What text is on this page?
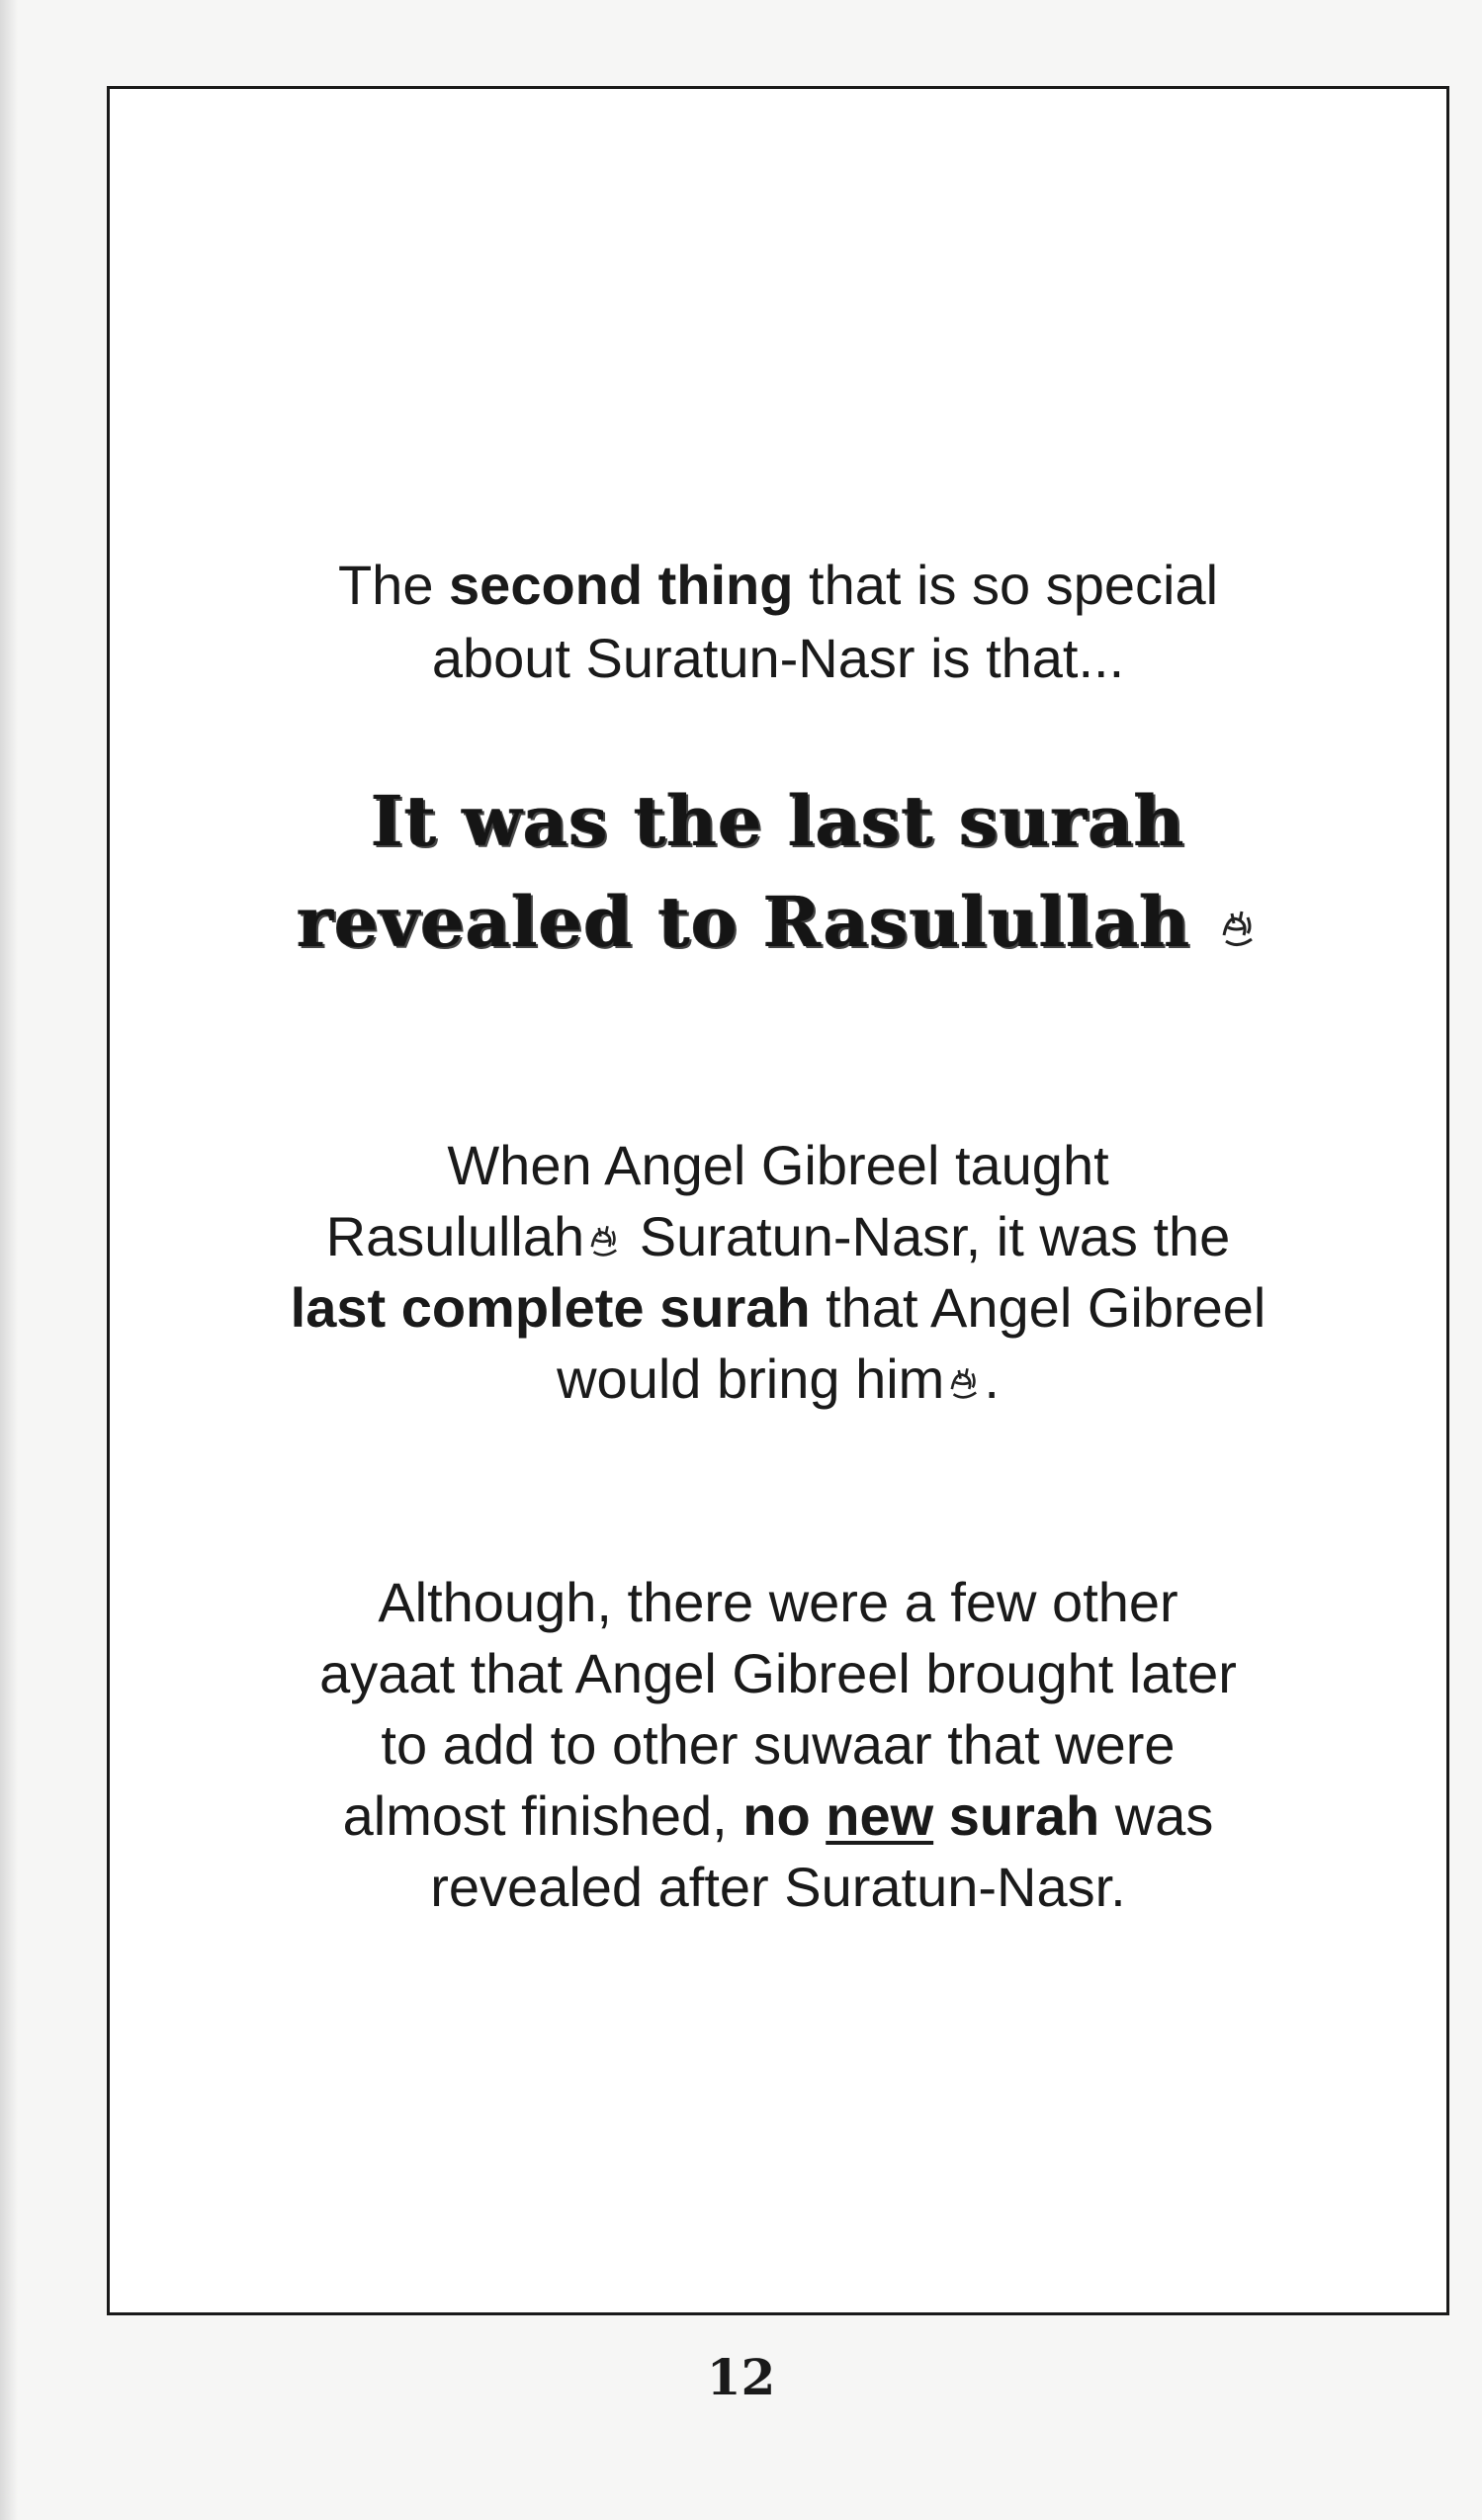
The second thing that is so special
about Suratun-Nasr is that...
It was the last surah
revealed to Rasulullah
When Angel Gibreel taught
Rasulullah Suratun-Nasr, it was the
last complete surah that Angel Gibreel
would bring him .
Although, there were a few other
ayaat that Angel Gibreel brought later
to add to other suwaar that were
almost finished, no new surah was
revealed after Suratun-Nasr.
12
